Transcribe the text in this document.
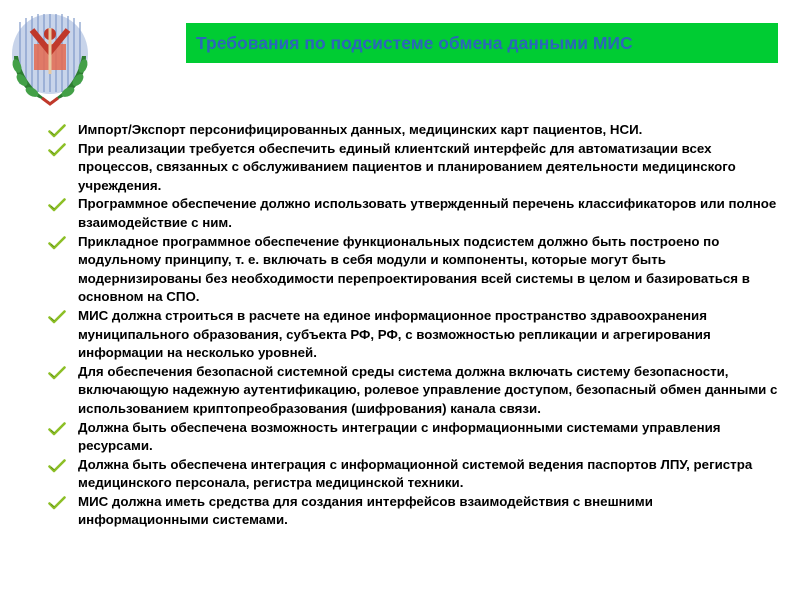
Требования по подсистеме обмена данными МИС
Импорт/Экспорт персонифицированных данных, медицинских карт пациентов, НСИ.
При реализации требуется обеспечить единый клиентский интерфейс для автоматизации всех процессов, связанных с обслуживанием пациентов и планированием деятельности медицинского учреждения.
Программное обеспечение должно использовать утвержденный перечень классификаторов или полное взаимодействие с ним.
Прикладное программное обеспечение функциональных подсистем должно быть построено по модульному принципу, т. е. включать в себя модули и компоненты, которые могут быть модернизированы без необходимости перепроектирования всей системы в целом и базироваться в основном на СПО.
МИС должна строиться в расчете на единое информационное пространство здравоохранения муниципального образования, субъекта РФ, РФ, с возможностью репликации и агрегирования информации на несколько уровней.
Для обеспечения безопасной системной среды система должна включать систему безопасности, включающую надежную аутентификацию, ролевое управление доступом, безопасный обмен данными с использованием криптопреобразования (шифрования) канала связи.
Должна быть обеспечена возможность интеграции с информационными системами управления ресурсами.
Должна быть обеспечена интеграция с информационной системой ведения паспортов ЛПУ, регистра медицинского персонала, регистра медицинской техники.
МИС должна иметь средства для создания интерфейсов взаимодействия с внешними информационными системами.
